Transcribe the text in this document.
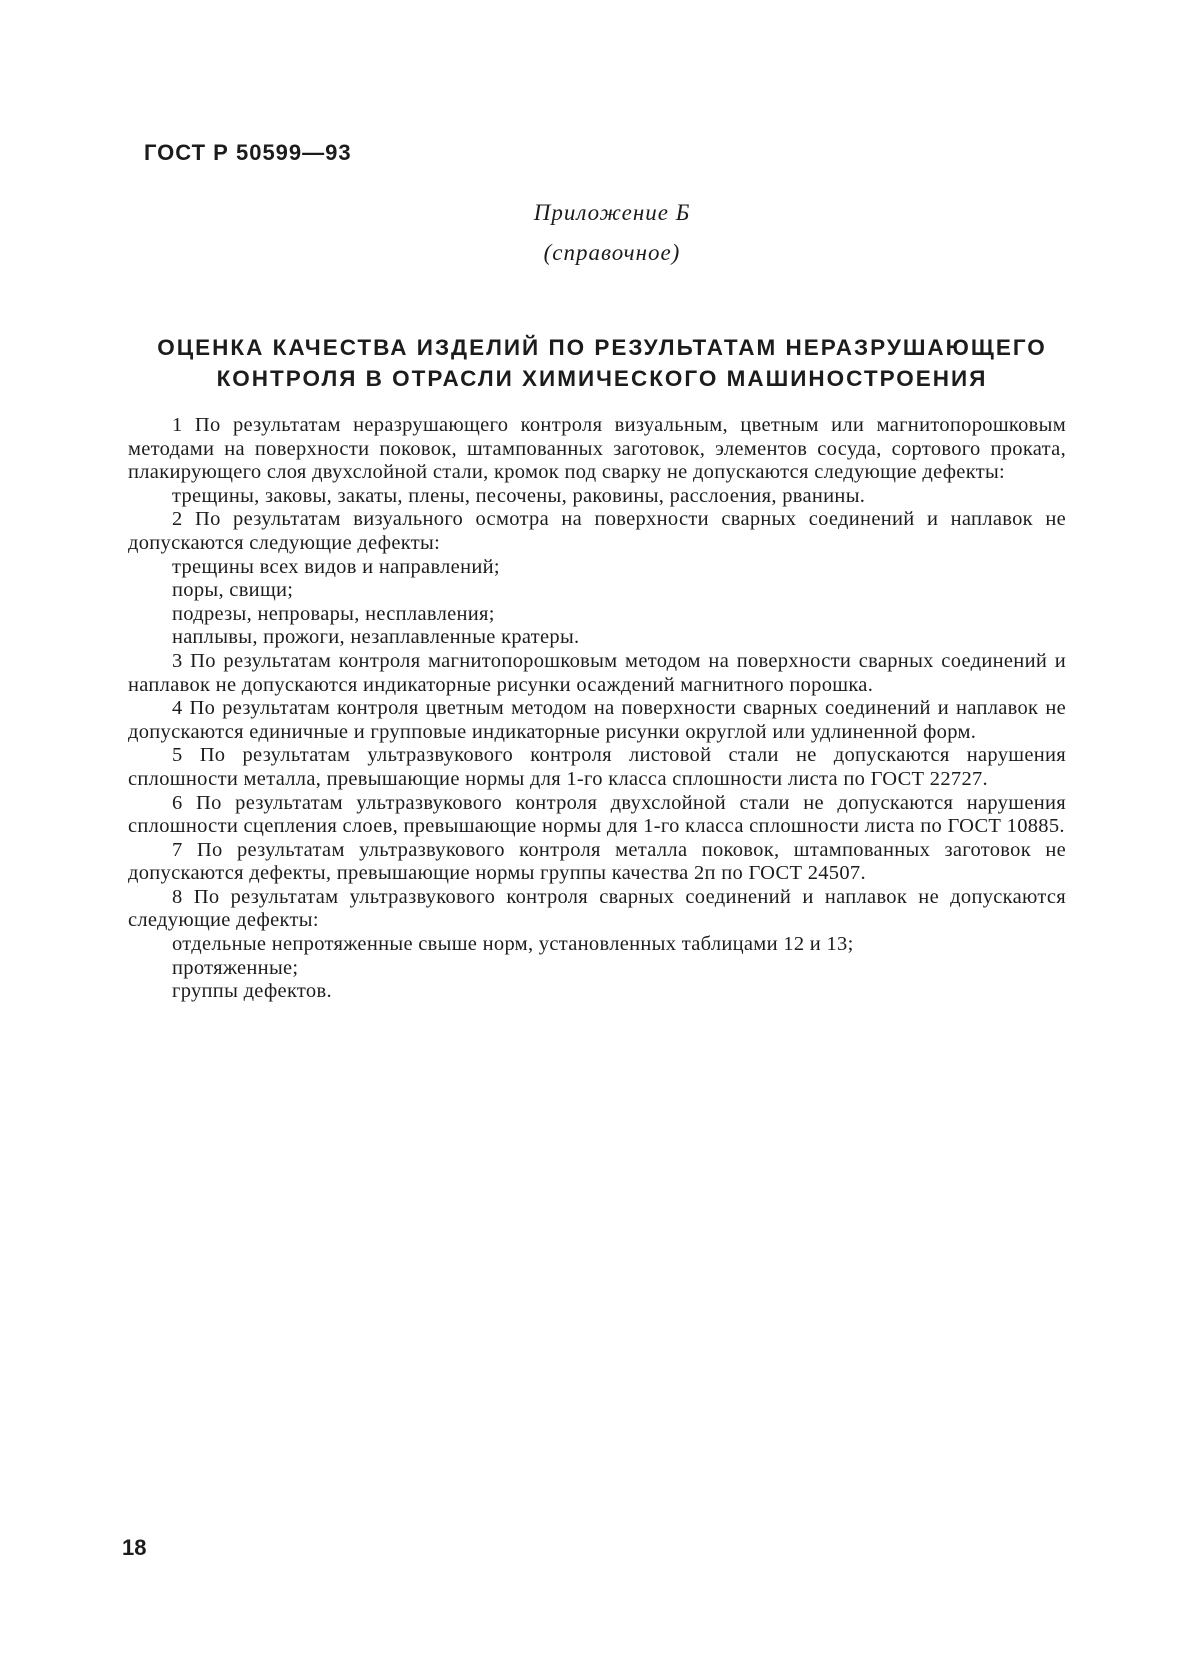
ГОСТ Р 50599—93
Приложение Б
(справочное)
ОЦЕНКА КАЧЕСТВА ИЗДЕЛИЙ ПО РЕЗУЛЬТАТАМ НЕРАЗРУШАЮЩЕГО
КОНТРОЛЯ В ОТРАСЛИ ХИМИЧЕСКОГО МАШИНОСТРОЕНИЯ

1 По результатам неразрушающего контроля визуальным, цветным или магнитопорошковым методами на поверхности поковок, штампованных заготовок, элементов сосуда, сортового проката, плакирующего слоя двухслойной стали, кромок под сварку не допускаются следующие дефекты:

трещины, заковы, закаты, плены, песочены, раковины, расслоения, рванины.

2 По результатам визуального осмотра на поверхности сварных соединений и наплавок не допускаются следующие дефекты:

трещины всех видов и направлений;

поры, свищи;

подрезы, непровары, несплавления;

наплывы, прожоги, незаплавленные кратеры.

3 По результатам контроля магнитопорошковым методом на поверхности сварных соединений и наплавок не допускаются индикаторные рисунки осаждений магнитного порошка.

4 По результатам контроля цветным методом на поверхности сварных соединений и наплавок не допускаются единичные и групповые индикаторные рисунки округлой или удлиненной форм.

5 По результатам ультразвукового контроля листовой стали не допускаются нарушения сплошности металла, превышающие нормы для 1-го класса сплошности листа по ГОСТ 22727.

6 По результатам ультразвукового контроля двухслойной стали не допускаются нарушения сплошности сцепления слоев, превышающие нормы для 1-го класса сплошности листа по ГОСТ 10885.

7 По результатам ультразвукового контроля металла поковок, штампованных заготовок не допускаются дефекты, превышающие нормы группы качества 2п по ГОСТ 24507.

8 По результатам ультразвукового контроля сварных соединений и наплавок не допускаются следующие дефекты:

отдельные непротяженные свыше норм, установленных таблицами 12 и 13;

протяженные;

группы дефектов.

18
